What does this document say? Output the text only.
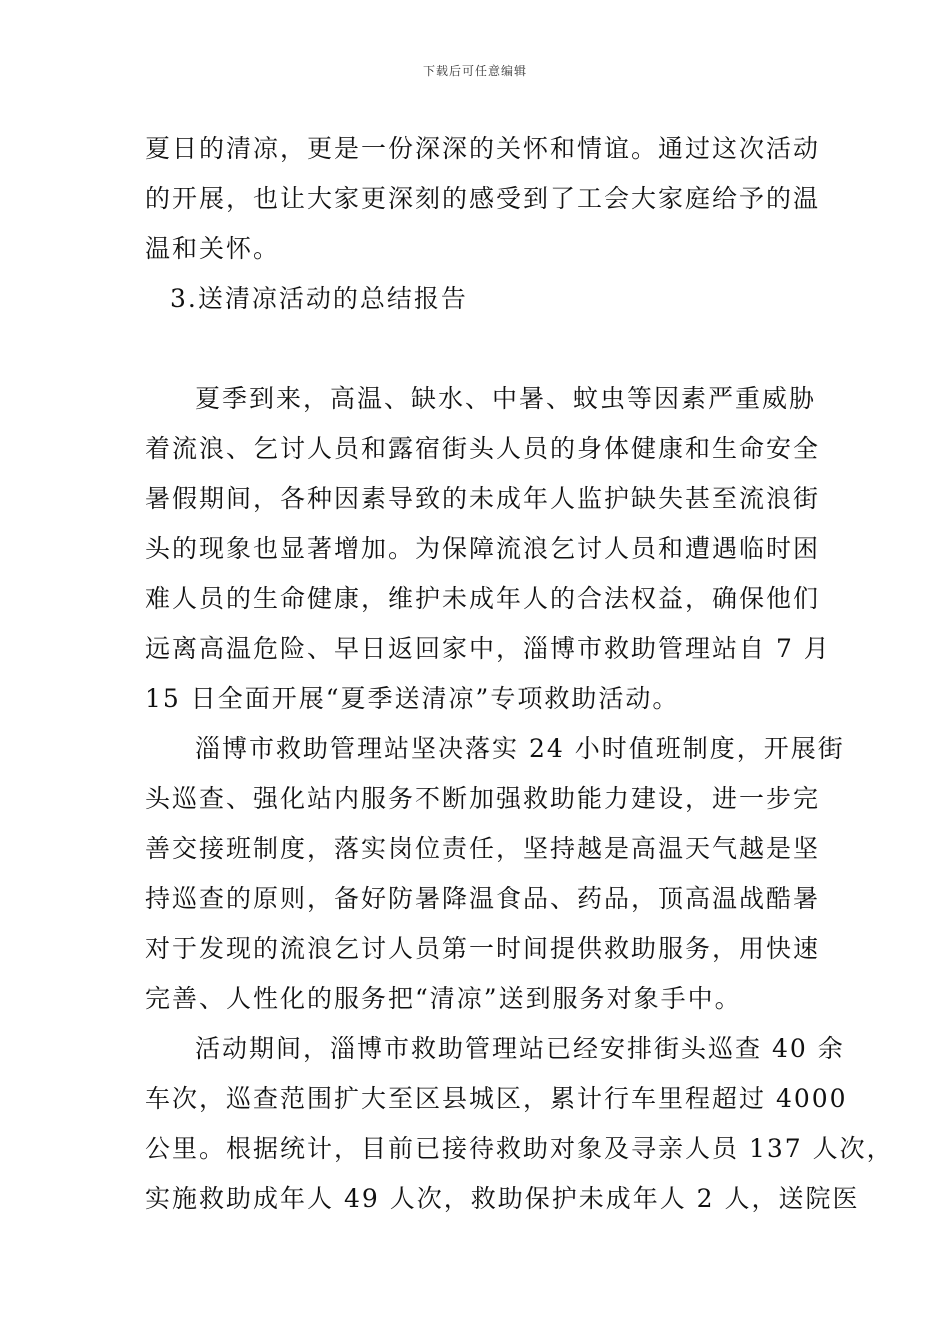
下载后可任意编辑
夏日的清凉，更是一份深深的关怀和情谊。通过这次活动
的开展，也让大家更深刻的感受到了工会大家庭给予的温
温和关怀。
3.送清凉活动的总结报告
夏季到来，高温、缺水、中暑、蚊虫等因素严重威胁
着流浪、乞讨人员和露宿街头人员的身体健康和生命安全
暑假期间，各种因素导致的未成年人监护缺失甚至流浪街
头的现象也显著增加。为保障流浪乞讨人员和遭遇临时困
难人员的生命健康，维护未成年人的合法权益，确保他们
远离高温危险、早日返回家中，淄博市救助管理站自 7 月
15 日全面开展“夏季送清凉”专项救助活动。
淄博市救助管理站坚决落实 24 小时值班制度，开展街
头巡查、强化站内服务不断加强救助能力建设，进一步完
善交接班制度，落实岗位责任，坚持越是高温天气越是坚
持巡查的原则，备好防暑降温食品、药品，顶高温战酷暑
对于发现的流浪乞讨人员第一时间提供救助服务，用快速
完善、人性化的服务把“清凉”送到服务对象手中。
活动期间，淄博市救助管理站已经安排街头巡查 40 余
车次，巡查范围扩大至区县城区，累计行车里程超过 4000
公里。根据统计，目前已接待救助对象及寻亲人员 137 人次，
实施救助成年人 49 人次，救助保护未成年人 2 人，送院医
